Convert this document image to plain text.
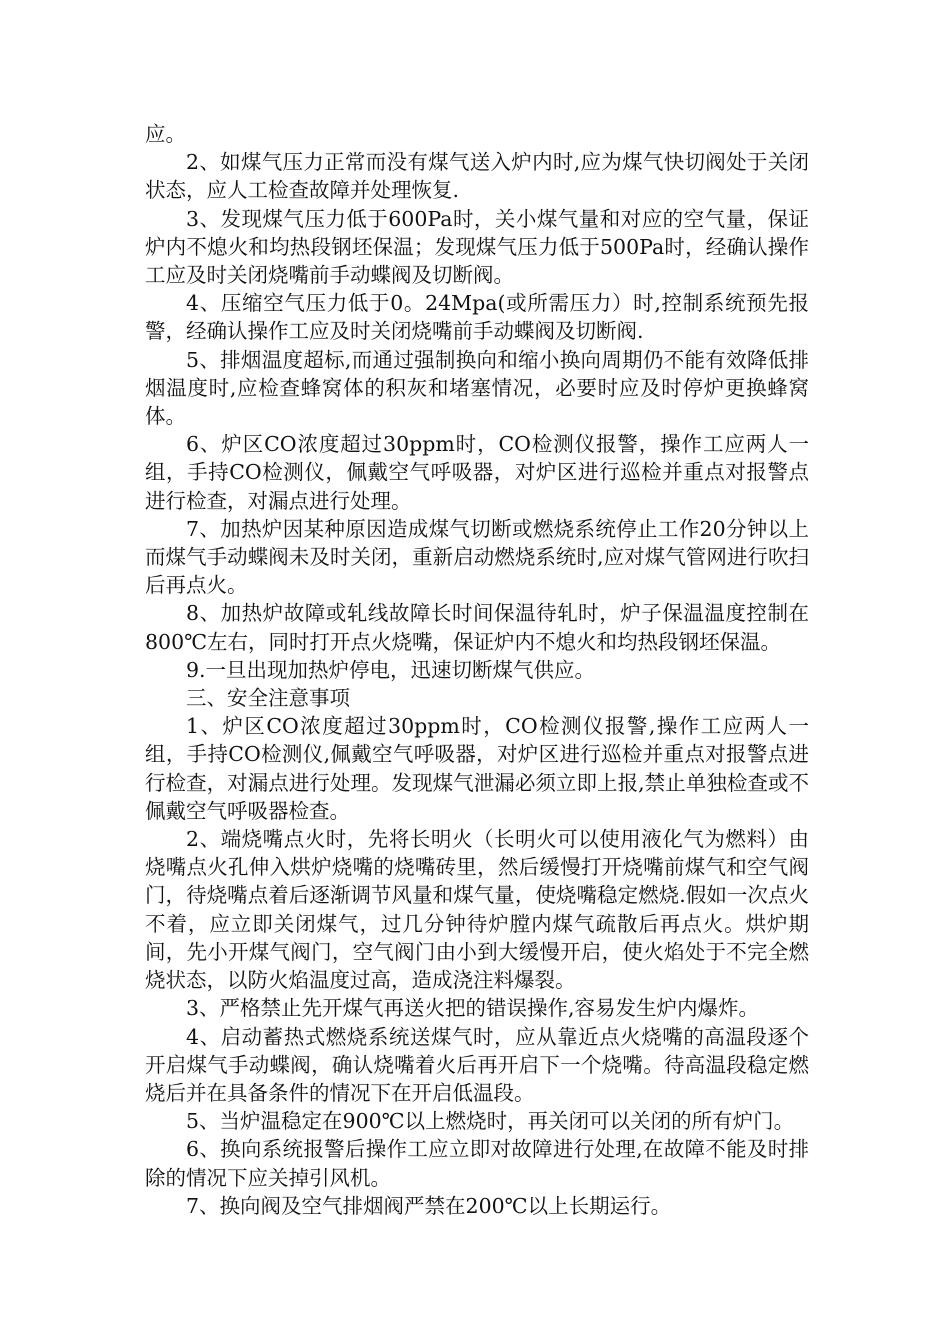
应。

2、如煤气压力正常而没有煤气送入炉内时,应为煤气快切阀处于关闭状态，应人工检查故障并处理恢复.

3、发现煤气压力低于600Pa时，关小煤气量和对应的空气量，保证炉内不熄火和均热段钢坯保温；发现煤气压力低于500Pa时，经确认操作工应及时关闭烧嘴前手动蝶阀及切断阀。

4、压缩空气压力低于0。24Mpa(或所需压力）时,控制系统预先报警，经确认操作工应及时关闭烧嘴前手动蝶阀及切断阀.

5、排烟温度超标,而通过强制换向和缩小换向周期仍不能有效降低排烟温度时,应检查蜂窝体的积灰和堵塞情况，必要时应及时停炉更换蜂窝体。

6、炉区CO浓度超过30ppm时，CO检测仪报警，操作工应两人一组，手持CO检测仪，佩戴空气呼吸器，对炉区进行巡检并重点对报警点进行检查，对漏点进行处理。

7、加热炉因某种原因造成煤气切断或燃烧系统停止工作20分钟以上而煤气手动蝶阀未及时关闭，重新启动燃烧系统时,应对煤气管网进行吹扫后再点火。

8、加热炉故障或轧线故障长时间保温待轧时，炉子保温温度控制在800℃左右，同时打开点火烧嘴，保证炉内不熄火和均热段钢坯保温。

9.一旦出现加热炉停电，迅速切断煤气供应。

三、安全注意事项

1、炉区CO浓度超过30ppm时，CO检测仪报警,操作工应两人一组，手持CO检测仪,佩戴空气呼吸器，对炉区进行巡检并重点对报警点进行检查，对漏点进行处理。发现煤气泄漏必须立即上报,禁止单独检查或不佩戴空气呼吸器检查。

2、端烧嘴点火时，先将长明火（长明火可以使用液化气为燃料）由烧嘴点火孔伸入烘炉烧嘴的烧嘴砖里，然后缓慢打开烧嘴前煤气和空气阀门，待烧嘴点着后逐渐调节风量和煤气量，使烧嘴稳定燃烧.假如一次点火不着，应立即关闭煤气，过几分钟待炉膛内煤气疏散后再点火。烘炉期间，先小开煤气阀门，空气阀门由小到大缓慢开启，使火焰处于不完全燃烧状态，以防火焰温度过高，造成浇注料爆裂。

3、严格禁止先开煤气再送火把的错误操作,容易发生炉内爆炸。

4、启动蓄热式燃烧系统送煤气时，应从靠近点火烧嘴的高温段逐个开启煤气手动蝶阀，确认烧嘴着火后再开启下一个烧嘴。待高温段稳定燃烧后并在具备条件的情况下在开启低温段。

5、当炉温稳定在900℃以上燃烧时，再关闭可以关闭的所有炉门。

6、换向系统报警后操作工应立即对故障进行处理,在故障不能及时排除的情况下应关掉引风机。

7、换向阀及空气排烟阀严禁在200℃以上长期运行。
